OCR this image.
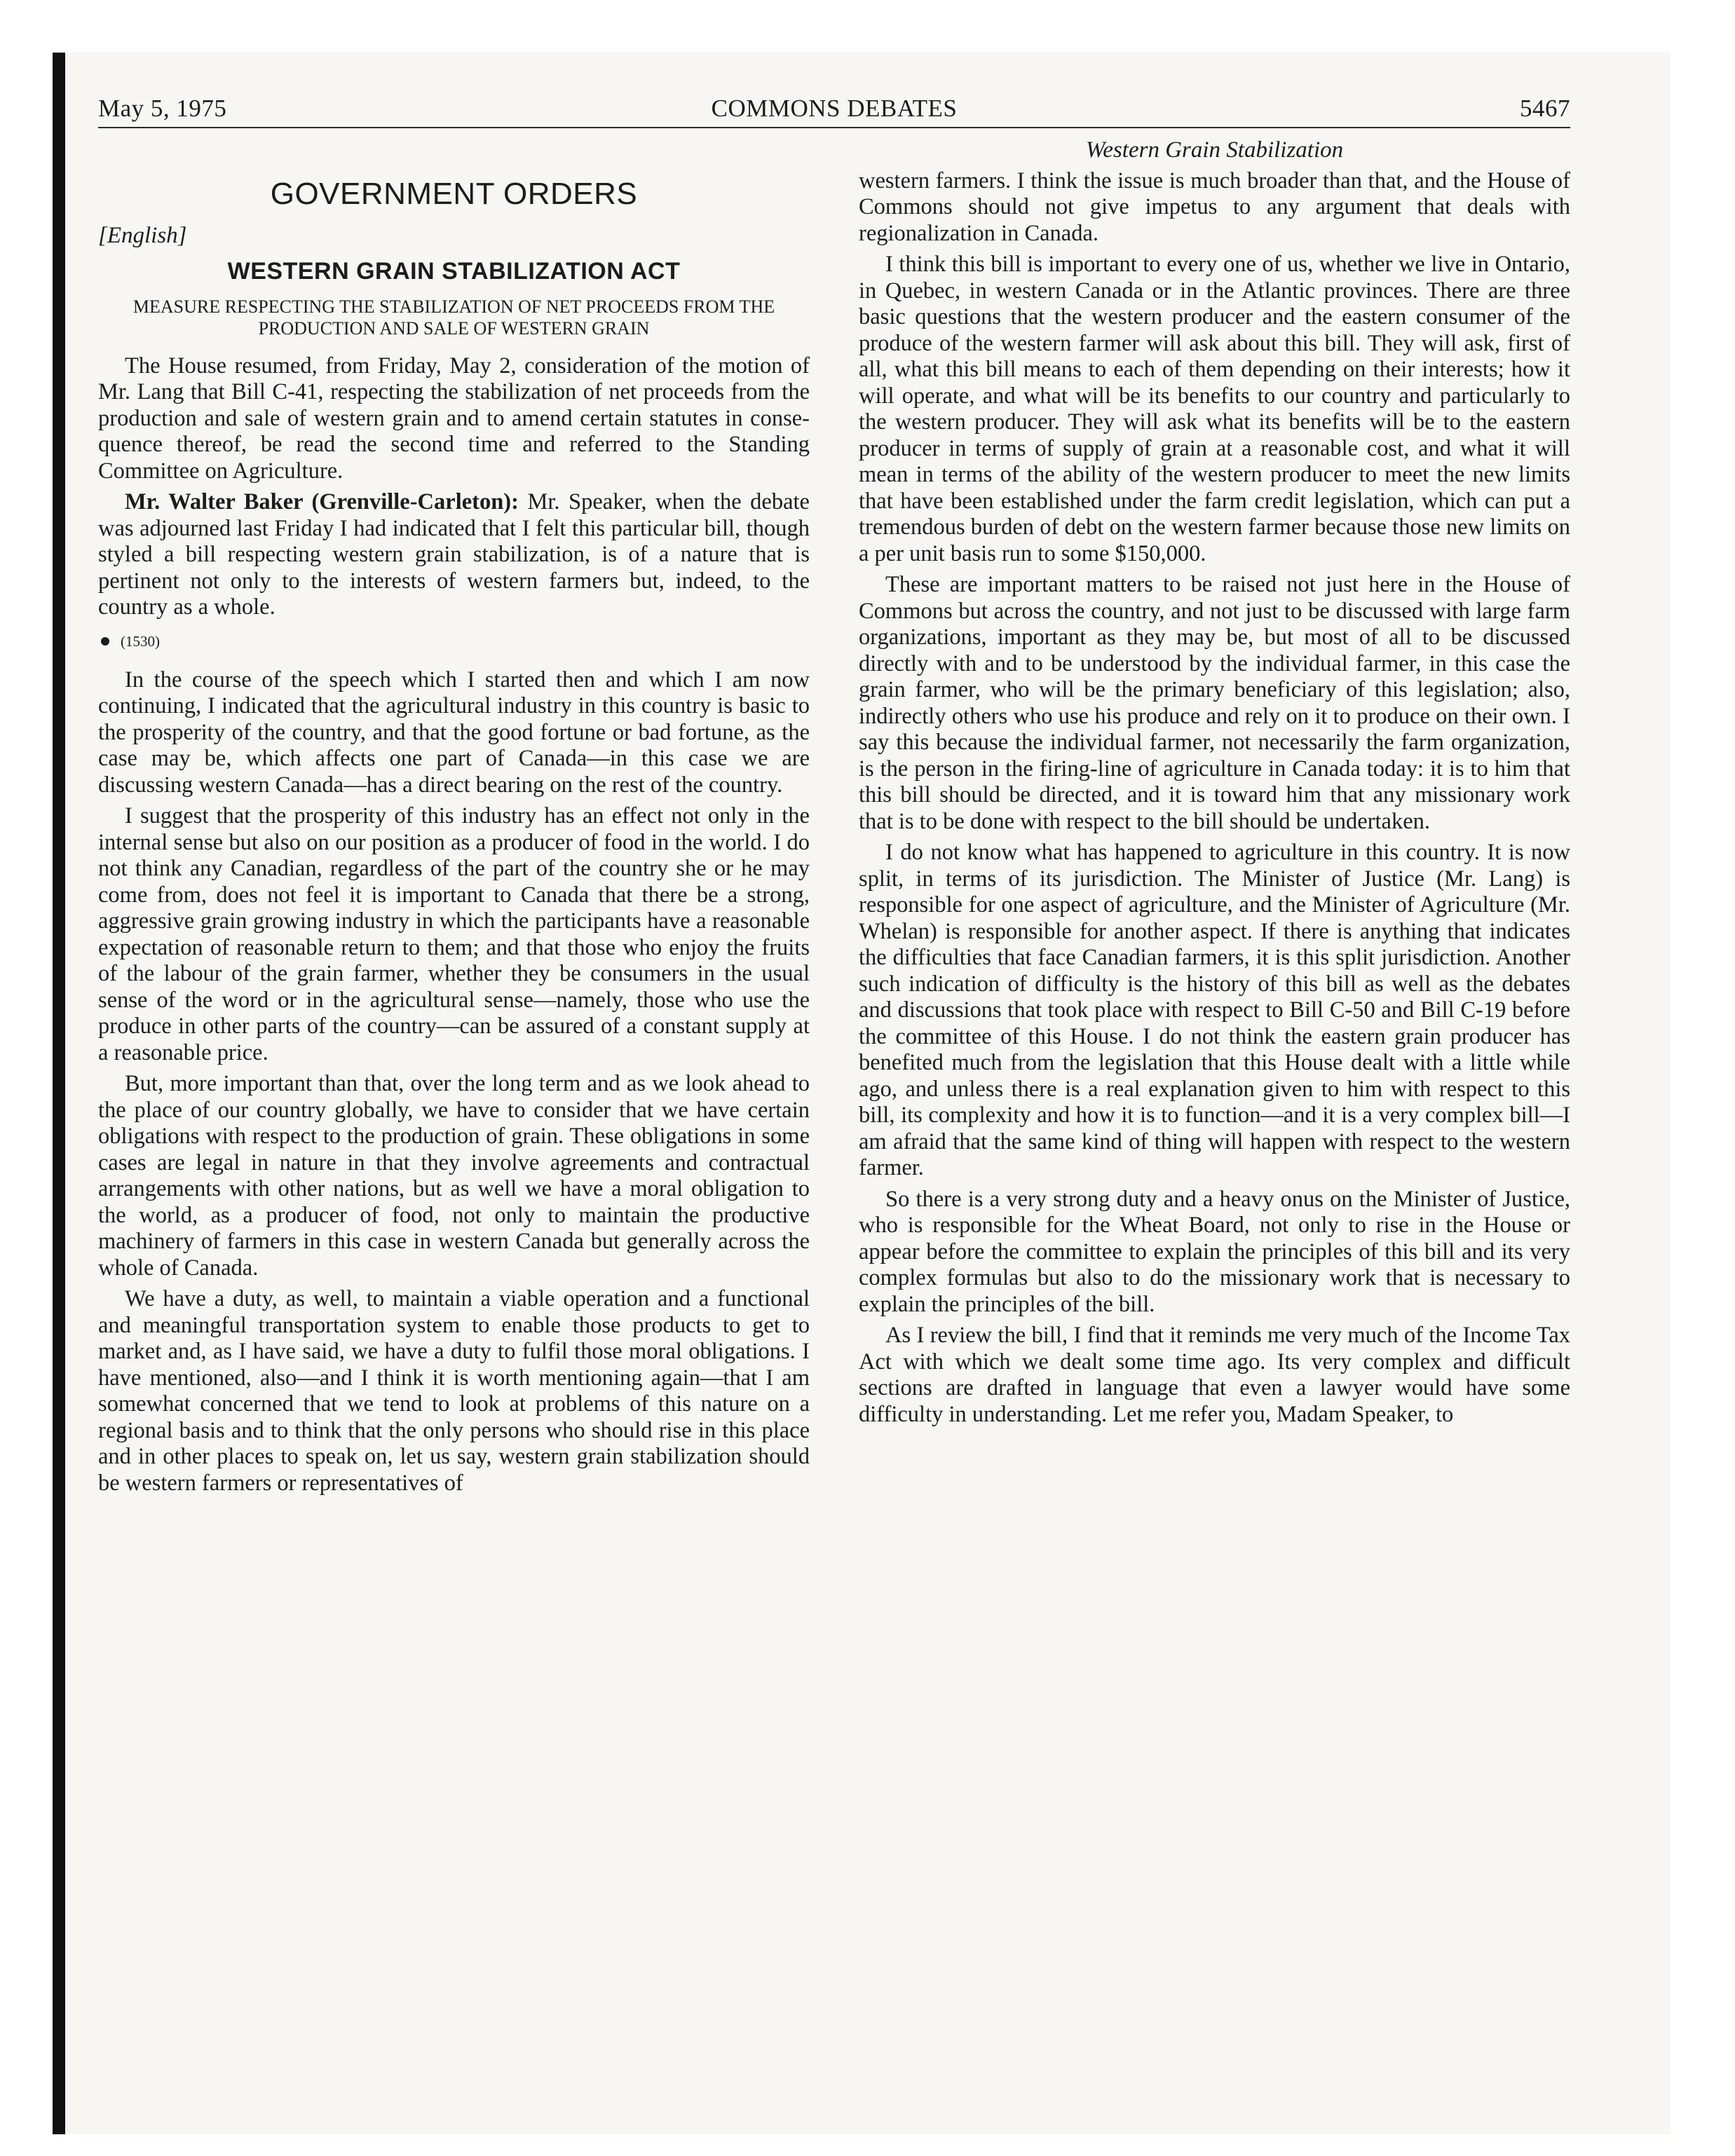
May 5, 1975	COMMONS DEBATES	5467
GOVERNMENT ORDERS
[English]
WESTERN GRAIN STABILIZATION ACT
MEASURE RESPECTING THE STABILIZATION OF NET PROCEEDS FROM THE PRODUCTION AND SALE OF WESTERN GRAIN

The House resumed, from Friday, May 2, consideration of the motion of Mr. Lang that Bill C-41, respecting the stabilization of net proceeds from the production and sale of western grain and to amend certain statutes in consequence thereof, be read the second time and referred to the Standing Committee on Agriculture.

Mr. Walter Baker (Grenville-Carleton): Mr. Speaker, when the debate was adjourned last Friday I had indicated that I felt this particular bill, though styled a bill respecting western grain stabilization, is of a nature that is pertinent not only to the interests of western farmers but, indeed, to the country as a whole.

(1530)

In the course of the speech which I started then and which I am now continuing, I indicated that the agricultural industry in this country is basic to the prosperity of the country, and that the good fortune or bad fortune, as the case may be, which affects one part of Canada—in this case we are discussing western Canada—has a direct bearing on the rest of the country.

I suggest that the prosperity of this industry has an effect not only in the internal sense but also on our position as a producer of food in the world. I do not think any Canadian, regardless of the part of the country she or he may come from, does not feel it is important to Canada that there be a strong, aggressive grain growing industry in which the participants have a reasonable expectation of reasonable return to them; and that those who enjoy the fruits of the labour of the grain farmer, whether they be consumers in the usual sense of the word or in the agricultural sense—namely, those who use the produce in other parts of the country—can be assured of a constant supply at a reasonable price.

But, more important than that, over the long term and as we look ahead to the place of our country globally, we have to consider that we have certain obligations with respect to the production of grain. These obligations in some cases are legal in nature in that they involve agreements and contractual arrangements with other nations, but as well we have a moral obligation to the world, as a producer of food, not only to maintain the productive machinery of farmers in this case in western Canada but generally across the whole of Canada.

We have a duty, as well, to maintain a viable operation and a functional and meaningful transportation system to enable those products to get to market and, as I have said, we have a duty to fulfil those moral obligations. I have mentioned, also—and I think it is worth mentioning again—that I am somewhat concerned that we tend to look at problems of this nature on a regional basis and to think that the only persons who should rise in this place and in other places to speak on, let us say, western grain stabilization should be western farmers or representatives of

Western Grain Stabilization

western farmers. I think the issue is much broader than that, and the House of Commons should not give impetus to any argument that deals with regionalization in Canada.

I think this bill is important to every one of us, whether we live in Ontario, in Quebec, in western Canada or in the Atlantic provinces. There are three basic questions that the western producer and the eastern consumer of the produce of the western farmer will ask about this bill. They will ask, first of all, what this bill means to each of them depending on their interests; how it will operate, and what will be its benefits to our country and particularly to the western producer. They will ask what its benefits will be to the eastern producer in terms of supply of grain at a reasonable cost, and what it will mean in terms of the ability of the western producer to meet the new limits that have been established under the farm credit legislation, which can put a tremendous burden of debt on the western farmer because those new limits on a per unit basis run to some $150,000.

These are important matters to be raised not just here in the House of Commons but across the country, and not just to be discussed with large farm organizations, important as they may be, but most of all to be discussed directly with and to be understood by the individual farmer, in this case the grain farmer, who will be the primary beneficiary of this legislation; also, indirectly others who use his produce and rely on it to produce on their own. I say this because the individual farmer, not necessarily the farm organization, is the person in the firing-line of agriculture in Canada today: it is to him that this bill should be directed, and it is toward him that any missionary work that is to be done with respect to the bill should be undertaken.

I do not know what has happened to agriculture in this country. It is now split, in terms of its jurisdiction. The Minister of Justice (Mr. Lang) is responsible for one aspect of agriculture, and the Minister of Agriculture (Mr. Whelan) is responsible for another aspect. If there is anything that indicates the difficulties that face Canadian farmers, it is this split jurisdiction. Another such indication of difficulty is the history of this bill as well as the debates and discussions that took place with respect to Bill C-50 and Bill C-19 before the committee of this House. I do not think the eastern grain producer has benefited much from the legislation that this House dealt with a little while ago, and unless there is a real explanation given to him with respect to this bill, its complexity and how it is to function—and it is a very complex bill—I am afraid that the same kind of thing will happen with respect to the western farmer.

So there is a very strong duty and a heavy onus on the Minister of Justice, who is responsible for the Wheat Board, not only to rise in the House or appear before the committee to explain the principles of this bill and its very complex formulas but also to do the missionary work that is necessary to explain the principles of the bill.

As I review the bill, I find that it reminds me very much of the Income Tax Act with which we dealt some time ago. Its very complex and difficult sections are drafted in language that even a lawyer would have some difficulty in understanding. Let me refer you, Madam Speaker, to
